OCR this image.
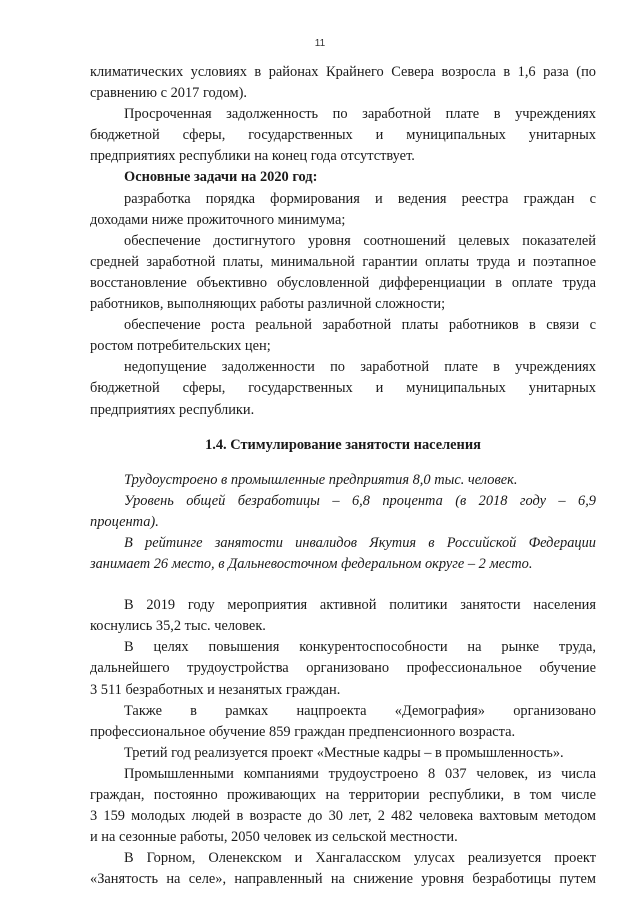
11
климатических условиях в районах Крайнего Севера возросла в 1,6 раза (по
сравнению с 2017 годом).
Просроченная задолженность по заработной плате в учреждениях
бюджетной сферы, государственных и муниципальных унитарных
предприятиях республики на конец года отсутствует.
Основные задачи на 2020 год:
разработка порядка формирования и ведения реестра граждан с
доходами ниже прожиточного минимума;
обеспечение достигнутого уровня соотношений целевых показателей
средней заработной платы, минимальной гарантии оплаты труда и поэтапное
восстановление объективно обусловленной дифференциации в оплате труда
работников, выполняющих работы различной сложности;
обеспечение роста реальной заработной платы работников в связи с
ростом потребительских цен;
недопущение задолженности по заработной плате в учреждениях
бюджетной сферы, государственных и муниципальных унитарных
предприятиях республики.
1.4. Стимулирование занятости населения
Трудоустроено в промышленные предприятия 8,0 тыс. человек.
Уровень общей безработицы – 6,8 процента (в 2018 году – 6,9
процента).
В рейтинге занятости инвалидов Якутия в Российской Федерации
занимает 26 место, в Дальневосточном федеральном округе – 2 место.
В 2019 году мероприятия активной политики занятости населения
коснулись 35,2 тыс. человек.
В целях повышения конкурентоспособности на рынке труда,
дальнейшего трудоустройства организовано профессиональное обучение
3 511 безработных и незанятых граждан.
Также в рамках нацпроекта «Демография» организовано
профессиональное обучение 859 граждан предпенсионного возраста.
Третий год реализуется проект «Местные кадры – в промышленность».
Промышленными компаниями трудоустроено 8 037 человек, из числа
граждан, постоянно проживающих на территории республики, в том числе
3 159 молодых людей в возрасте до 30 лет, 2 482 человека вахтовым методом
и на сезонные работы, 2050 человек из сельской местности.
В Горном, Оленекском и Хангаласском улусах реализуется проект
«Занятость на селе», направленный на снижение уровня безработицы путем
